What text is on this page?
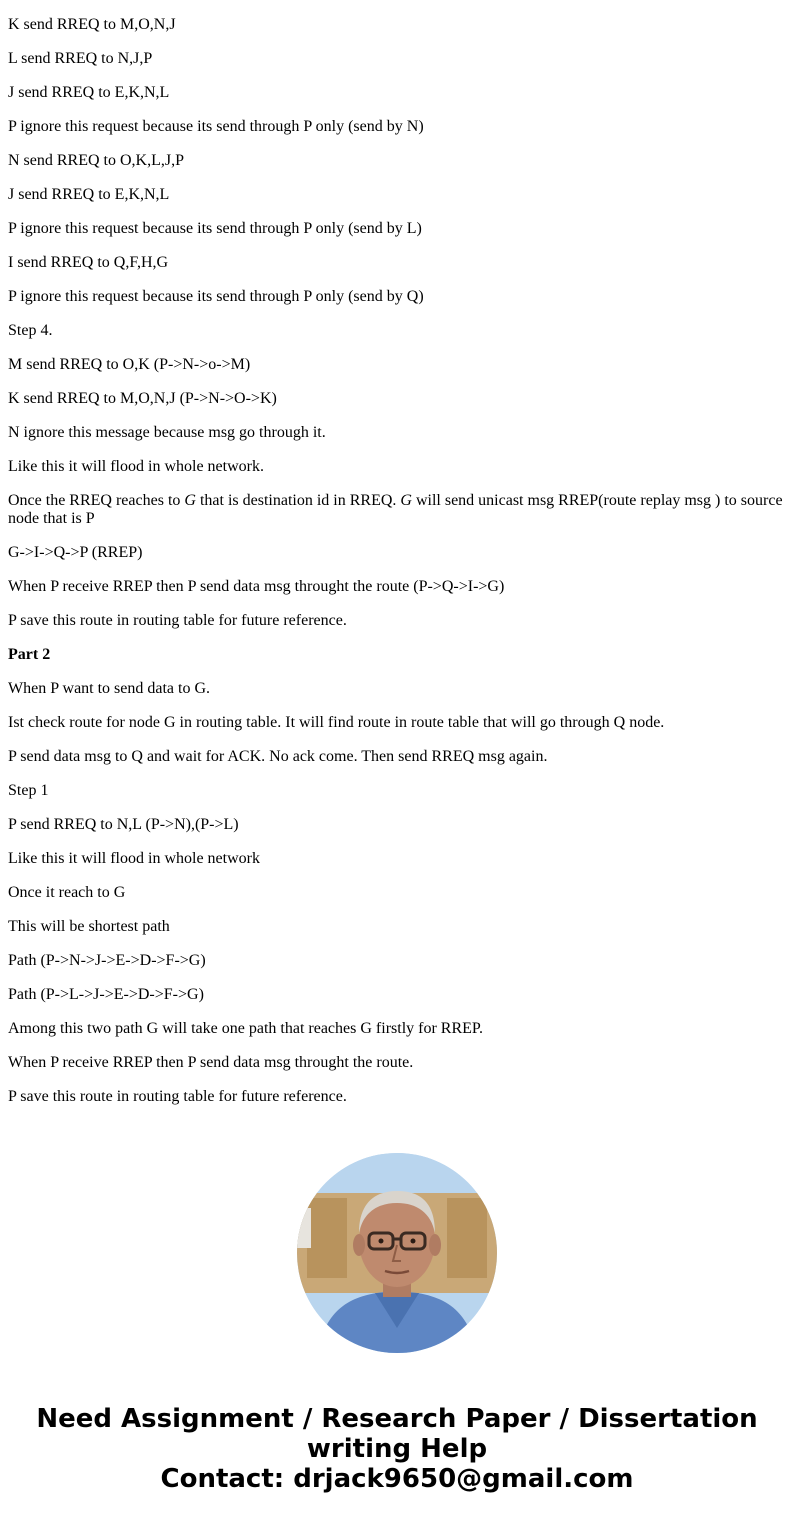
K send RREQ to M,O,N,J

L send RREQ to N,J,P

J send RREQ to E,K,N,L

P ignore this request because its send through P only (send by N)

N send RREQ to O,K,L,J,P

J send RREQ to E,K,N,L

P ignore this request because its send through P only (send by L)

I send RREQ to Q,F,H,G

P ignore this request because its send through P only (send by Q)

Step 4.

M send RREQ to O,K (P->N->o->M)

K send RREQ to M,O,N,J (P->N->O->K)

N ignore this message because msg go through it.

Like this it will flood in whole network.

Once the RREQ reaches to G that is destination id in RREQ. G will send unicast msg RREP(route replay msg ) to source node that is P

G->I->Q->P (RREP)

When P receive RREP then P send data msg throught the route (P->Q->I->G)

P save this route in routing table for future reference.

Part 2

When P want to send data to G.

Ist check route for node G in routing table. It will find route in route table that will go through Q node.

P send data msg to Q and wait for ACK. No ack come. Then send RREQ msg again.

Step 1

P send RREQ to N,L (P->N),(P->L)

Like this it will flood in whole network

Once it reach to G

This will be shortest path

Path (P->N->J->E->D->F->G)

Path (P->L->J->E->D->F->G)

Among this two path G will take one path that reaches G firstly for RREP.

When P receive RREP then P send data msg throught the route.

P save this route in routing table for future reference.

Need Assignment / Research Paper / Dissertation
writing Help
Contact: drjack9650@gmail.com
